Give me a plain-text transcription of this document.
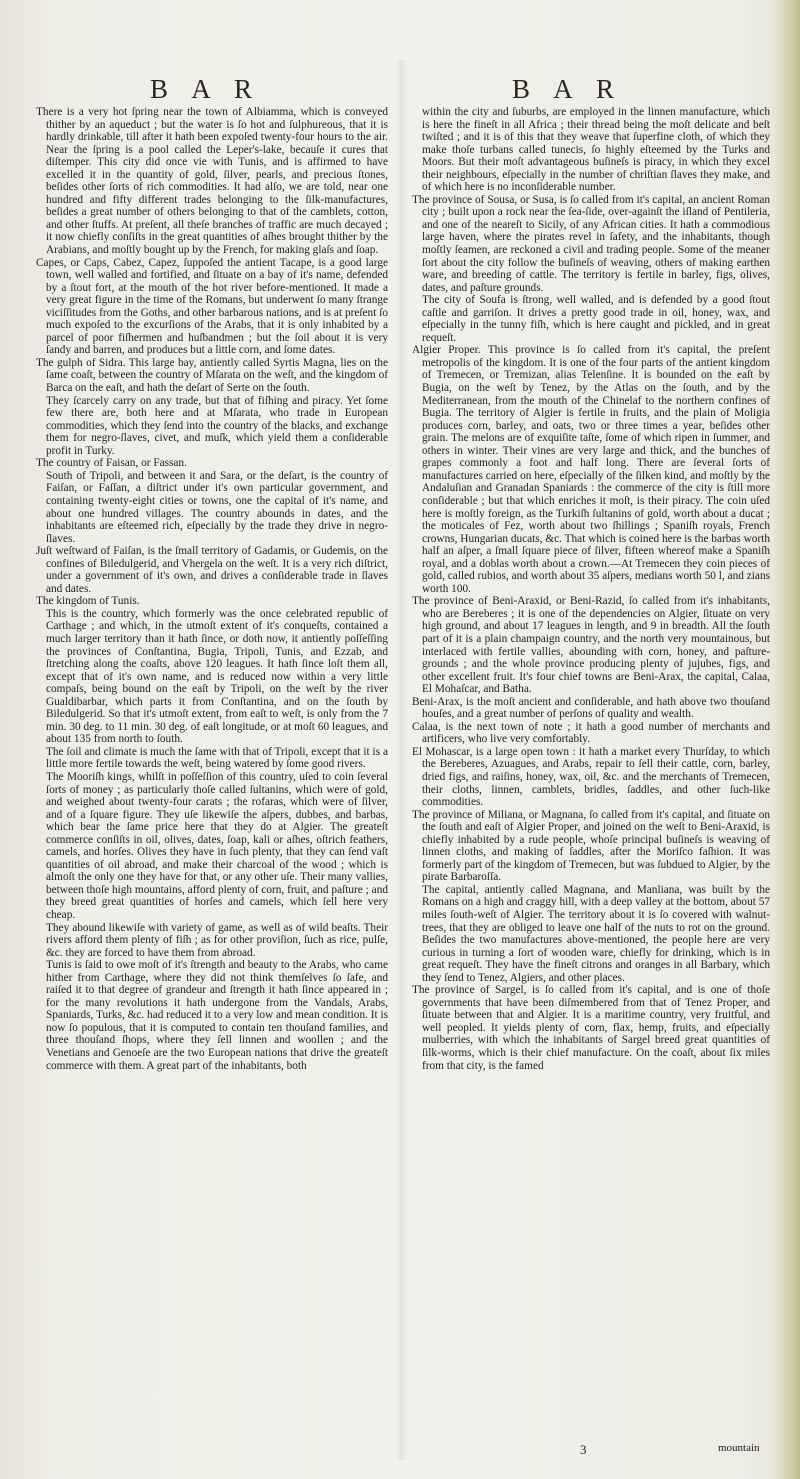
B A R	B A R

There is a very hot ſpring near the town of Albiamma, which is conveyed thither by an aqueduct ; but the water is ſo hot and ſulphureous, that it is hardly drinkable, till after it hath been expoſed twenty-four hours to the air. Near the ſpring is a pool called the Leper's-lake, becauſe it cures that diſtemper. This city did once vie with Tunis, and is affirmed to have excelled it in the quantity of gold, ſilver, pearls, and precious ſtones, beſides other ſorts of rich commodities. It had alſo, we are told, near one hundred and fifty different trades belonging to the ſilk-manufactures, beſides a great number of others belonging to that of the camblets, cotton, and other ſtuffs. At preſent, all theſe branches of traffic are much decayed ; it now chiefly conſiſts in the great quantities of aſhes brought thither by the Arabians, and moſtly bought up by the French, for making glaſs and ſoap.

Capes, or Caps, Cabez, Capez, ſuppoſed the antient Tacape, is a good large town, well walled and fortified, and ſituate on a bay of it's name, defended by a ſtout fort, at the mouth of the hot river before-mentioned. It made a very great figure in the time of the Romans, but underwent ſo many ſtrange viciſſitudes from the Goths, and other barbarous nations, and is at preſent ſo much expoſed to the excurſions of the Arabs, that it is only inhabited by a parcel of poor fiſhermen and huſbandmen ; but the ſoil about it is very ſandy and barren, and produces but a little corn, and ſome dates.

The gulph of Sidra. This large bay, antiently called Syrtis Magna, lies on the ſame coaſt, between the country of Mſarata on the weſt, and the kingdom of Barca on the eaſt, and hath the deſart of Serte on the ſouth.

They ſcarcely carry on any trade, but that of fiſhing and piracy. Yet ſome few there are, both here and at Mſarata, who trade in European commodities, which they ſend into the country of the blacks, and exchange them for negro-ſlaves, civet, and muſk, which yield them a conſiderable profit in Turky.

The country of Faisan, or Fassan.

South of Tripoli, and between it and Sara, or the deſart, is the country of Faiſan, or Faſſan, a diſtrict under it's own particular government, and containing twenty-eight cities or towns, one the capital of it's name, and about one hundred villages. The country abounds in dates, and the inhabitants are eſteemed rich, eſpecially by the trade they drive in negro-ſlaves.

Juſt weſtward of Faiſan, is the ſmall territory of Gadamis, or Gudemis, on the confines of Biledulgerid, and Vhergela on the weſt. It is a very rich diſtrict, under a government of it's own, and drives a conſiderable trade in ſlaves and dates.

The kingdom of Tunis.

This is the country, which formerly was the once celebrated republic of Carthage ; and which, in the utmoſt extent of it's conqueſts, contained a much larger territory than it hath ſince, or doth now, it antiently poſſeſſing the provinces of Conſtantina, Bugia, Tripoli, Tunis, and Ezzab, and ſtretching along the coaſts, above 120 leagues. It hath ſince loſt them all, except that of it's own name, and is reduced now within a very little compaſs, being bound on the eaſt by Tripoli, on the weſt by the river Gualdibarbar, which parts it from Conſtantina, and on the ſouth by Biledulgerid. So that it's utmoſt extent, from eaſt to weſt, is only from the 7 min. 30 deg. to 11 min. 30 deg. of eaſt longitude, or at moſt 60 leagues, and about 135 from north to ſouth.

The ſoil and climate is much the ſame with that of Tripoli, except that it is a little more fertile towards the weſt, being watered by ſome good rivers.

The Mooriſh kings, whilſt in poſſeſſion of this country, uſed to coin ſeveral ſorts of money ; as particularly thoſe called ſultanins, which were of gold, and weighed about twenty-four carats ; the rofaras, which were of ſilver, and of a ſquare figure. They uſe likewiſe the aſpers, dubbes, and barbas, which bear the ſame price here that they do at Algier. The greateſt commerce conſiſts in oil, olives, dates, ſoap, kali or aſhes, oſtrich feathers, camels, and horſes. Olives they have in ſuch plenty, that they can ſend vaſt quantities of oil abroad, and make their charcoal of the wood ; which is almoſt the only one they have for that, or any other uſe. Their many vallies, between thoſe high mountains, afford plenty of corn, fruit, and paſture ; and they breed great quantities of horſes and camels, which ſell here very cheap.

They abound likewiſe with variety of game, as well as of wild beaſts. Their rivers afford them plenty of fiſh ; as for other proviſion, ſuch as rice, pulſe, &c. they are forced to have them from abroad.

Tunis is ſaid to owe moſt of it's ſtrength and beauty to the Arabs, who came hither from Carthage, where they did not think themſelves ſo ſafe, and raiſed it to that degree of grandeur and ſtrength it hath ſince appeared in ; for the many revolutions it hath undergone from the Vandals, Arabs, Spaniards, Turks, &c. had reduced it to a very low and mean condition. It is now ſo populous, that it is computed to contain ten thouſand families, and three thouſand ſhops, where they ſell linnen and woollen ; and the Venetians and Genoeſe are the two European nations that drive the greateſt commerce with them. A great part of the inhabitants, both

within the city and ſuburbs, are employed in the linnen manufacture, which is here the fineſt in all Africa ; their thread being the moſt delicate and beſt twiſted ; and it is of this that they weave that ſuperfine cloth, of which they make thoſe turbans called tunecis, ſo highly eſteemed by the Turks and Moors. But their moſt advantageous buſineſs is piracy, in which they excel their neighbours, eſpecially in the number of chriſtian ſlaves they make, and of which here is no inconſiderable number.

The province of Sousa, or Susa, is ſo called from it's capital, an ancient Roman city ; built upon a rock near the ſea-ſide, over-againſt the iſland of Pentileria, and one of the neareſt to Sicily, of any African cities. It hath a commodious large haven, where the pirates revel in ſafety, and the inhabitants, though moſtly ſeamen, are reckoned a civil and trading people. Some of the meaner ſort about the city follow the buſineſs of weaving, others of making earthen ware, and breeding of cattle. The territory is fertile in barley, figs, olives, dates, and paſture grounds.

The city of Soufa is ſtrong, well walled, and is defended by a good ſtout caſtle and garriſon. It drives a pretty good trade in oil, honey, wax, and eſpecially in the tunny fiſh, which is here caught and pickled, and in great requeſt.

Algier Proper. This province is ſo called from it's capital, the preſent metropolis of the kingdom. It is one of the four parts of the antient kingdom of Tremecen, or Tremizan, alias Telenſine. It is bounded on the eaſt by Bugia, on the weſt by Tenez, by the Atlas on the ſouth, and by the Mediterranean, from the mouth of the Chinelaf to the northern confines of Bugia. The territory of Algier is fertile in fruits, and the plain of Moligia produces corn, barley, and oats, two or three times a year, beſides other grain. The melons are of exquiſite taſte, ſome of which ripen in ſummer, and others in winter. Their vines are very large and thick, and the bunches of grapes commonly a foot and half long. There are ſeveral ſorts of manufactures carried on here, eſpecially of the ſilken kind, and moſtly by the Andaluſian and Granadan Spaniards : the commerce of the city is ſtill more conſiderable ; but that which enriches it moſt, is their piracy. The coin uſed here is moſtly foreign, as the Turkiſh ſultanins of gold, worth about a ducat ; the moticales of Fez, worth about two ſhillings ; Spaniſh royals, French crowns, Hungarian ducats, &c. That which is coined here is the barbas worth half an aſper, a ſmall ſquare piece of ſilver, fifteen whereof make a Spaniſh royal, and a doblas worth about a crown.—At Tremecen they coin pieces of gold, called rubios, and worth about 35 aſpers, medians worth 50 l, and zians worth 100.

The province of Beni-Araxid, or Beni-Razid, ſo called from it's inhabitants, who are Bereberes ; it is one of the dependencies on Algier, ſituate on very high ground, and about 17 leagues in length, and 9 in breadth. All the ſouth part of it is a plain champaign country, and the north very mountainous, but interlaced with fertile vallies, abounding with corn, honey, and paſture-grounds ; and the whole province producing plenty of jujubes, figs, and other excellent fruit. It's four chief towns are Beni-Arax, the capital, Calaa, El Mohaſcar, and Batha.

Beni-Arax, is the moſt ancient and conſiderable, and hath above two thouſand houſes, and a great number of perſons of quality and wealth.

Calaa, is the next town of note ; it hath a good number of merchants and artificers, who live very comfortably.

El Mohascar, is a large open town : it hath a market every Thurſday, to which the Bereberes, Azuagues, and Arabs, repair to ſell their cattle, corn, barley, dried figs, and raiſins, honey, wax, oil, &c. and the merchants of Tremecen, their cloths, linnen, camblets, bridles, ſaddles, and other ſuch-like commodities.

The province of Miliana, or Magnana, ſo called from it's capital, and ſituate on the ſouth and eaſt of Algier Proper, and joined on the weſt to Beni-Araxid, is chiefly inhabited by a rude people, whoſe principal buſineſs is weaving of linnen cloths, and making of ſaddles, after the Moriſco faſhion. It was formerly part of the kingdom of Tremecen, but was ſubdued to Algier, by the pirate Barbaroſſa.

The capital, antiently called Magnana, and Manliana, was built by the Romans on a high and craggy hill, with a deep valley at the bottom, about 57 miles ſouth-weſt of Algier. The territory about it is ſo covered with walnut-trees, that they are obliged to leave one half of the nuts to rot on the ground. Beſides the two manufactures above-mentioned, the people here are very curious in turning a ſort of wooden ware, chiefly for drinking, which is in great requeſt. They have the fineſt citrons and oranges in all Barbary, which they ſend to Tenez, Algiers, and other places.

The province of Sargel, is ſo called from it's capital, and is one of thoſe governments that have been diſmembered from that of Tenez Proper, and ſituate between that and Algier. It is a maritime country, very fruitful, and well peopled. It yields plenty of corn, flax, hemp, fruits, and eſpecially mulberries, with which the inhabitants of Sargel breed great quantities of ſilk-worms, which is their chief manufacture. On the coaſt, about ſix miles from that city, is the famed

3	mountain
